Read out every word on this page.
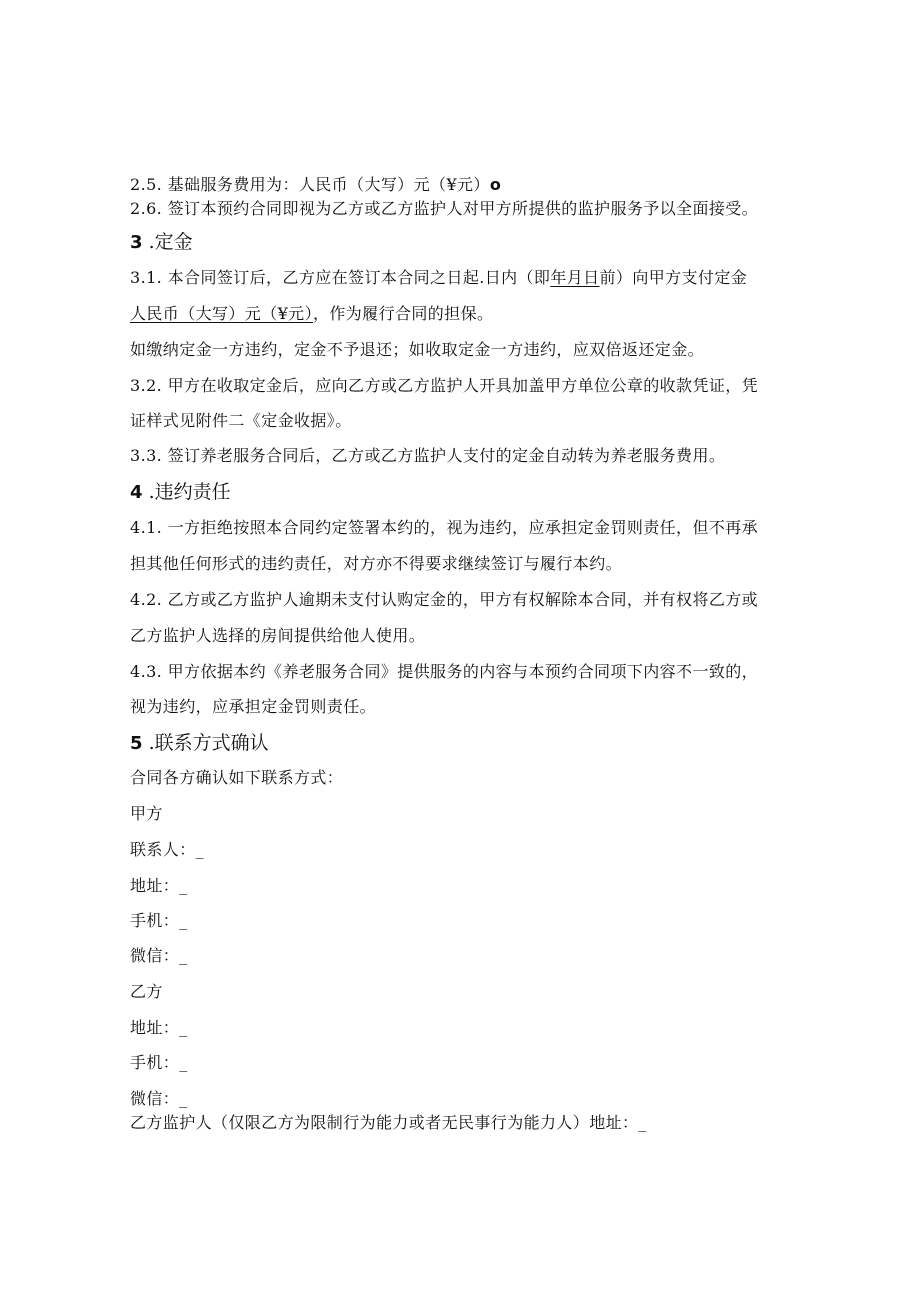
2.5. 基础服务费用为：人民币（大写）元（¥元）o
2.6. 签订本预约合同即视为乙方或乙方监护人对甲方所提供的监护服务予以全面接受。
3 .定金
3.1. 本合同签订后，乙方应在签订本合同之日起.日内（即年月日前）向甲方支付定金
人民币（大写）元（¥元），作为履行合同的担保。
如缴纳定金一方违约，定金不予退还；如收取定金一方违约，应双倍返还定金。
3.2. 甲方在收取定金后，应向乙方或乙方监护人开具加盖甲方单位公章的收款凭证，凭
证样式见附件二《定金收据》。
3.3. 签订养老服务合同后，乙方或乙方监护人支付的定金自动转为养老服务费用。
4 .违约责任
4.1. 一方拒绝按照本合同约定签署本约的，视为违约，应承担定金罚则责任，但不再承
担其他任何形式的违约责任，对方亦不得要求继续签订与履行本约。
4.2. 乙方或乙方监护人逾期未支付认购定金的，甲方有权解除本合同，并有权将乙方或
乙方监护人选择的房间提供给他人使用。
4.3. 甲方依据本约《养老服务合同》提供服务的内容与本预约合同项下内容不一致的，
视为违约，应承担定金罚则责任。
5 .联系方式确认
合同各方确认如下联系方式：
甲方
联系人：_
地址：_
手机：_
微信：_
乙方
地址：_
手机：_
微信：_
乙方监护人（仅限乙方为限制行为能力或者无民事行为能力人）地址：_
